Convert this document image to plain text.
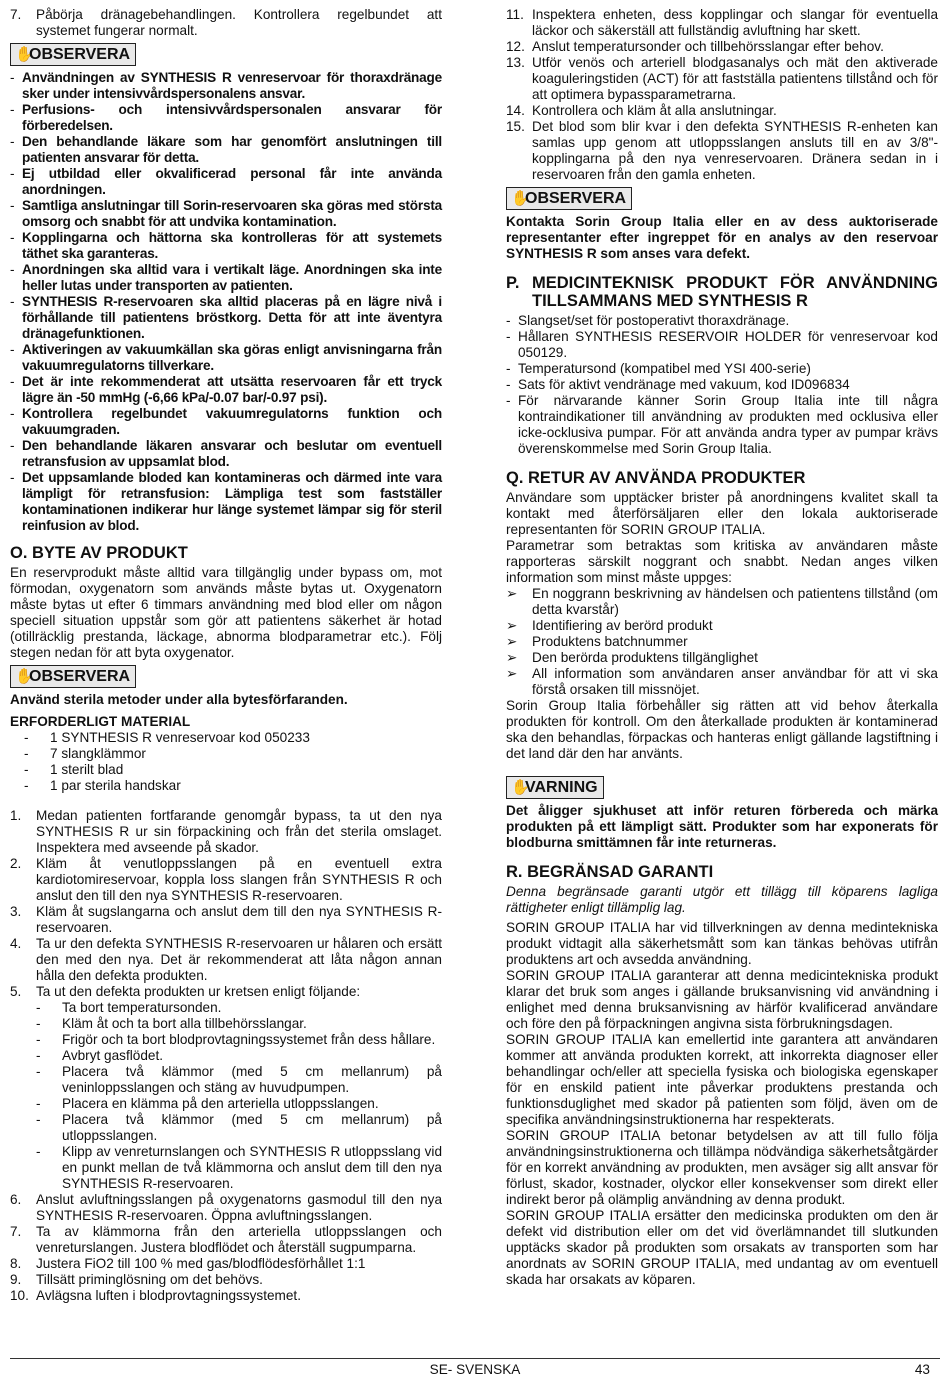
7.	Påbörja dränagebehandlingen. Kontrollera regelbundet att systemet fungerar normalt.
✋
OBSERVERA
- Användningen av SYNTHESIS R venreservoar för thoraxdränage sker under intensivvårdspersonalens ansvar.
- Perfusions- och intensivvårdspersonalen ansvarar för förberedelsen.
- Den behandlande läkare som har genomfört anslutningen till patienten ansvarar för detta.
- Ej utbildad eller okvalificerad personal får inte använda anordningen.
- Samtliga anslutningar till Sorin-reservoaren ska göras med största omsorg och snabbt för att undvika kontamination.
- Kopplingarna och hättorna ska kontrolleras för att systemets täthet ska garanteras.
- Anordningen ska alltid vara i vertikalt läge. Anordningen ska inte heller lutas under transporten av patienten.
- SYNTHESIS R-reservoaren ska alltid placeras på en lägre nivå i förhållande till patientens bröstkorg. Detta för att inte äventyra dränagefunktionen.
- Aktiveringen av vakuumkällan ska göras enligt anvisningarna från vakuumregulatorns tillverkare.
- Det är inte rekommenderat att utsätta reservoaren får ett tryck lägre än -50 mmHg (-6,66 kPa/-0.07 bar/-0.97 psi).
- Kontrollera regelbundet vakuumregulatorns funktion och vakuumgraden.
- Den behandlande läkaren ansvarar och beslutar om eventuell retransfusion av uppsamlat blod.
- Det uppsamlande bloded kan kontamineras och därmed inte vara lämpligt för retransfusion: Lämpliga test som fastställer kontaminationen indikerar hur länge systemet lämpar sig för steril reinfusion av blod.
O. BYTE AV PRODUKT

En reservprodukt måste alltid vara tillgänglig under bypass om, mot förmodan, oxygenatorn som används måste bytas ut. Oxygenatorn måste bytas ut efter 6 timmars användning med blod eller om någon speciell situation uppstår som gör att patientens säkerhet är hotad (otillräcklig prestanda, läckage, abnorma blodparametrar etc.). Följ stegen nedan för att byta oxygenator.

✋
OBSERVERA

Använd sterila metoder under alla bytesförfaranden.

ERFORDERLIGT MATERIAL

-	1 SYNTHESIS R venreservoar kod 050233
-	7 slangklämmor
-	1 sterilt blad
-	1 par sterila handskar
1.	Medan patienten fortfarande genomgår bypass, ta ut den nya SYNTHESIS R ur sin förpackining och från det sterila omslaget. Inspektera med avseende på skador.
2.	Kläm åt venutloppsslangen på en eventuell extra kardiotomireservoar, koppla loss slangen från SYNTHESIS R och anslut den till den nya SYNTHESIS R-reservoaren.
3.	Kläm åt sugslangarna och anslut dem till den nya SYNTHESIS R-reservoaren.
4.	Ta ur den defekta SYNTHESIS R-reservoaren ur hålaren och ersätt den med den nya. Det är rekommenderat att låta någon annan hålla den defekta produkten.
5.	Ta ut den defekta produkten ur kretsen enligt följande:
-	Ta bort temperatursonden.
-	Kläm åt och ta bort alla tillbehörsslangar.
-	Frigör och ta bort blodprovtagningssystemet från dess hållare.
-	Avbryt gasflödet.
-	Placera två klämmor (med 5 cm mellanrum) på veninloppsslangen och stäng av huvudpumpen.
-	Placera en klämma på den arteriella utloppsslangen.
-	Placera två klämmor (med 5 cm mellanrum) på utloppsslangen.
-	Klipp av venreturnslangen och SYNTHESIS R utloppsslang vid en punkt mellan de två klämmorna och anslut dem till den nya SYNTHESIS R-reservoaren.
6.	Anslut avluftningsslangen på oxygenatorns gasmodul till den nya SYNTHESIS R-reservoaren. Öppna avluftningsslangen.
7.	Ta av klämmorna från den arteriella utloppsslangen och venreturslangen. Justera blodflödet och återställ sugpumparna.
8.	Justera FiO2 till 100 % med gas/blodflödesförhållet 1:1
9.	Tillsätt priminglösning om det behövs.
10. Avlägsna luften i blodprovtagningssystemet.
11. Inspektera enheten, dess kopplingar och slangar för eventuella läckor och säkerställ att fullständig avluftning har skett.
12. Anslut temperatursonder och tillbehörsslangar efter behov.
13. Utför venös och arteriell blodgasanalys och mät den aktiverade koaguleringstiden (ACT) för att fastställa patientens tillstånd och för att optimera bypassparametrarna.
14. Kontrollera och kläm åt alla anslutningar.
15. Det blod som blir kvar i den defekta SYNTHESIS R-enheten kan samlas upp genom att utloppsslangen ansluts till en av 3/8"-kopplingarna på den nya venreservoaren. Dränera sedan in i reservoaren från den gamla enheten.
✋
OBSERVERA

Kontakta Sorin Group Italia eller en av dess auktoriserade representanter efter ingreppet för en analys av den reservoar SYNTHESIS R som anses vara defekt.

P. MEDICINTEKNISK PRODUKT FÖR ANVÄNDNING TILLSAMMANS MED SYNTHESIS R
- Slangset/set för postoperativt thoraxdränage.
- Hållaren SYNTHESIS RESERVOIR HOLDER för venreservoar kod 050129.
- Temperatursond (kompatibel med YSI 400-serie)
- Sats för aktivt vendränage med vakuum, kod ID096834
- För närvarande känner Sorin Group Italia inte till några kontraindikationer till användning av produkten med ocklusiva eller icke-ocklusiva pumpar. För att använda andra typer av pumpar krävs överenskommelse med Sorin Group Italia.
Q. RETUR AV ANVÄNDA PRODUKTER

Användare som upptäcker brister på anordningens kvalitet skall ta kontakt med återförsäljaren eller den lokala auktoriserade representanten för SORIN GROUP ITALIA.

Parametrar som betraktas som kritiska av användaren måste rapporteras särskilt noggrant och snabbt. Nedan anges vilken information som minst måste uppges:

➢	En noggrann beskrivning av händelsen och patientens tillstånd (om detta kvarstår)
➢	Identifiering av berörd produkt
➢	Produktens batchnummer
➢	Den berörda produktens tillgänglighet
➢	All information som användaren anser användbar för att vi ska förstå orsaken till missnöjet.

Sorin Group Italia förbehåller sig rätten att vid behov återkalla produkten för kontroll. Om den återkallade produkten är kontaminerad ska den behandlas, förpackas och hanteras enligt gällande lagstiftning i det land där den har använts.

✋
VARNING

Det åligger sjukhuset att inför returen förbereda och märka produkten på ett lämpligt sätt. Produkter som har exponerats för blodburna smittämnen får inte returneras.

R. BEGRÄNSAD GARANTI

Denna begränsade garanti utgör ett tillägg till köparens lagliga rättigheter enligt tillämplig lag.

SORIN GROUP ITALIA har vid tillverkningen av denna medintekniska produkt vidtagit alla säkerhetsmått som kan tänkas behövas utifrån produktens art och avsedda användning.

SORIN GROUP ITALIA garanterar att denna medicintekniska produkt klarar det bruk som anges i gällande bruksanvisning vid användning i enlighet med denna bruksanvisning av härför kvalificerad användare och före den på förpackningen angivna sista förbrukningsdagen.

SORIN GROUP ITALIA kan emellertid inte garantera att användaren kommer att använda produkten korrekt, att inkorrekta diagnoser eller behandlingar och/eller att speciella fysiska och biologiska egenskaper för en enskild patient inte påverkar produktens prestanda och funktionsduglighet med skador på patienten som följd, även om de specifika användningsinstruktionerna har respekterats.

SORIN GROUP ITALIA betonar betydelsen av att till fullo följa användningsinstruktionerna och tillämpa nödvändiga säkerhetsåtgärder för en korrekt användning av produkten, men avsäger sig allt ansvar för förlust, skador, kostnader, olyckor eller konsekvenser som direkt eller indirekt beror på olämplig användning av denna produkt.

SORIN GROUP ITALIA ersätter den medicinska produkten om den är defekt vid distribution eller om det vid överlämnandet till slutkunden upptäcks skador på produkten som orsakats av transporten som har anordnats av SORIN GROUP ITALIA, med undantag av om eventuell skada har orsakats av köparen.

SE- SVENSKA	43
